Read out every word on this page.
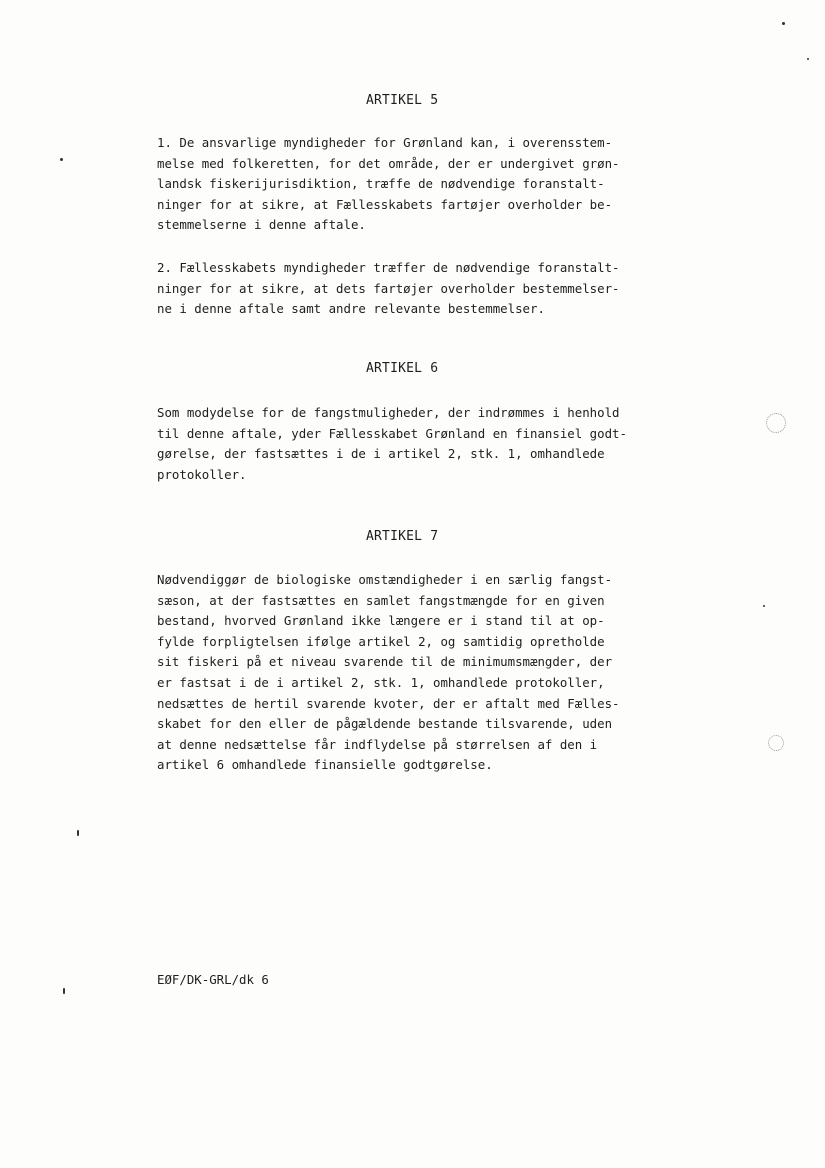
ARTIKEL 5
1. De ansvarlige myndigheder for Grønland kan, i overensstem-
melse med folkeretten, for det område, der er undergivet grøn-
landsk fiskerijurisdiktion, træffe de nødvendige foranstalt-
ninger for at sikre, at Fællesskabets fartøjer overholder be-
stemmelserne i denne aftale.
2. Fællesskabets myndigheder træffer de nødvendige foranstalt-
ninger for at sikre, at dets fartøjer overholder bestemmelser-
ne i denne aftale samt andre relevante bestemmelser.
ARTIKEL 6
Som modydelse for de fangstmuligheder, der indrømmes i henhold
til denne aftale, yder Fællesskabet Grønland en finansiel godt-
gørelse, der fastsættes i de i artikel 2, stk. 1, omhandlede
protokoller.
ARTIKEL 7
Nødvendiggør de biologiske omstændigheder i en særlig fangst-
sæson, at der fastsættes en samlet fangstmængde for en given
bestand, hvorved Grønland ikke længere er i stand til at op-
fylde forpligtelsen ifølge artikel 2, og samtidig opretholde
sit fiskeri på et niveau svarende til de minimumsmængder, der
er fastsat i de i artikel 2, stk. 1, omhandlede protokoller,
nedsættes de hertil svarende kvoter, der er aftalt med Fælles-
skabet for den eller de pågældende bestande tilsvarende, uden
at denne nedsættelse får indflydelse på størrelsen af den i
artikel 6 omhandlede finansielle godtgørelse.
EØF/DK-GRL/dk 6
